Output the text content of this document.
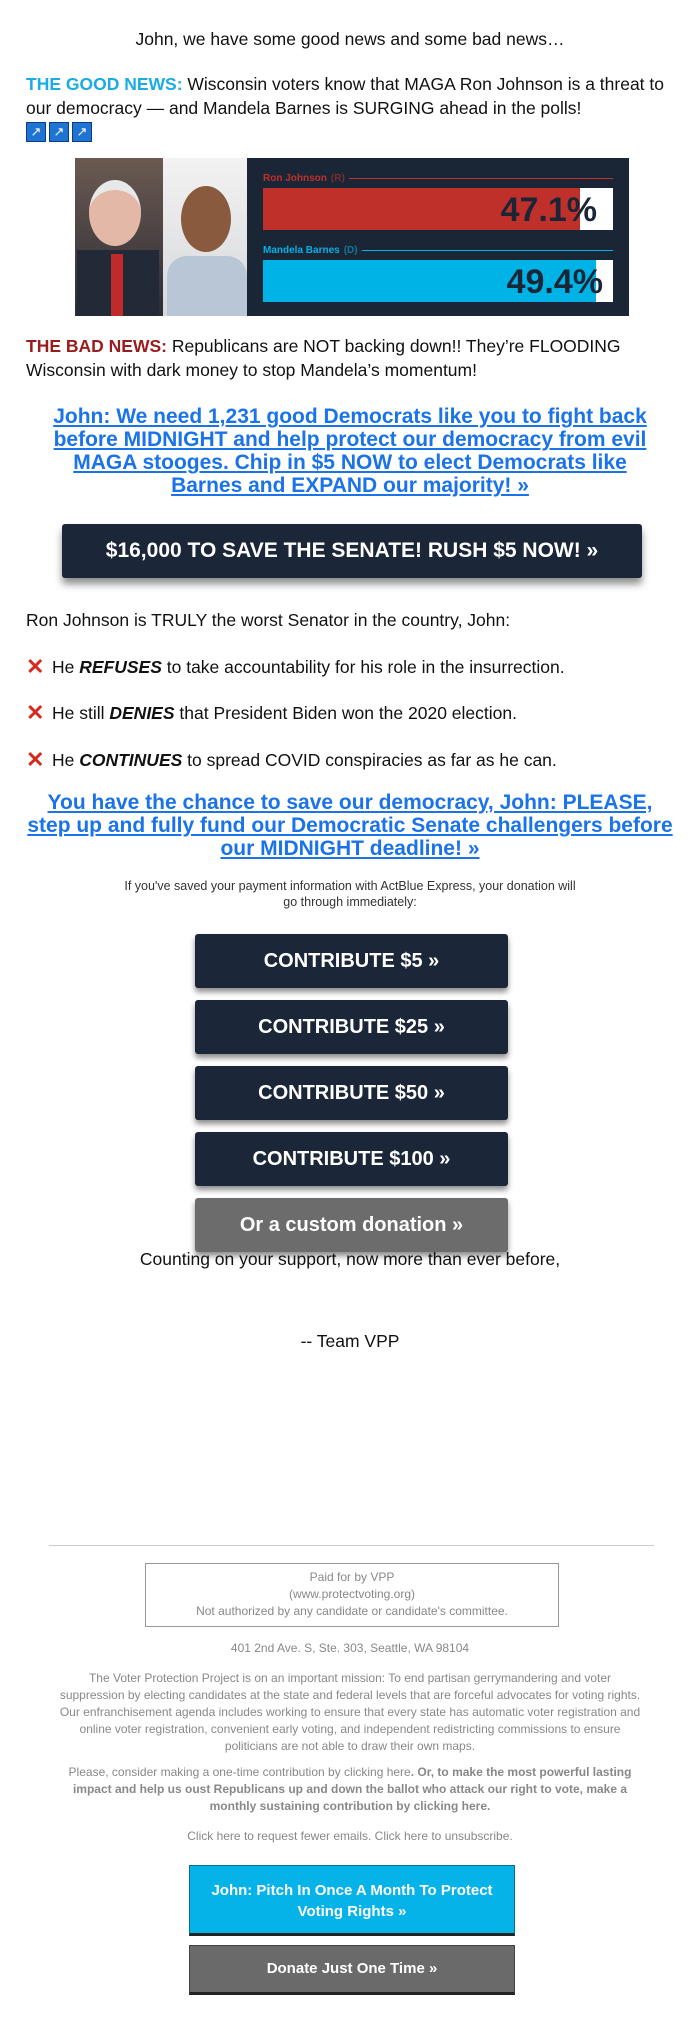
John, we have some good news and some bad news…
THE GOOD NEWS: Wisconsin voters know that MAGA Ron Johnson is a threat to our democracy — and Mandela Barnes is SURGING ahead in the polls!
↗ ↗ ↗
Ron Johnson (R)
47.1%
Mandela Barnes (D)
49.4%
THE BAD NEWS: Republicans are NOT backing down!! They’re FLOODING Wisconsin with dark money to stop Mandela’s momentum!
John: We need 1,231 good Democrats like you to fight back before MIDNIGHT and help protect our democracy from evil MAGA stooges. Chip in $5 NOW to elect Democrats like Barnes and EXPAND our majority! »
$16,000 TO SAVE THE SENATE! RUSH $5 NOW! »
Ron Johnson is TRULY the worst Senator in the country, John:
✕ He REFUSES to take accountability for his role in the insurrection.
✕ He still DENIES that President Biden won the 2020 election.
✕ He CONTINUES to spread COVID conspiracies as far as he can.
You have the chance to save our democracy, John: PLEASE, step up and fully fund our Democratic Senate challengers before our MIDNIGHT deadline! »
If you've saved your payment information with ActBlue Express, your donation will go through immediately:
CONTRIBUTE $5 »
CONTRIBUTE $25 »
CONTRIBUTE $50 »
CONTRIBUTE $100 »
Or a custom donation »
Counting on your support, now more than ever before,
-- Team VPP
Paid for by VPP
(www.protectvoting.org)
Not authorized by any candidate or candidate's committee.
401 2nd Ave. S, Ste. 303, Seattle, WA 98104
The Voter Protection Project is on an important mission: To end partisan gerrymandering and voter suppression by electing candidates at the state and federal levels that are forceful advocates for voting rights. Our enfranchisement agenda includes working to ensure that every state has automatic voter registration and online voter registration, convenient early voting, and independent redistricting commissions to ensure politicians are not able to draw their own maps.
Please, consider making a one-time contribution by clicking here. Or, to make the most powerful lasting impact and help us oust Republicans up and down the ballot who attack our right to vote, make a monthly sustaining contribution by clicking here.
Click here to request fewer emails. Click here to unsubscribe.
John: Pitch In Once A Month To Protect Voting Rights »
Donate Just One Time »
